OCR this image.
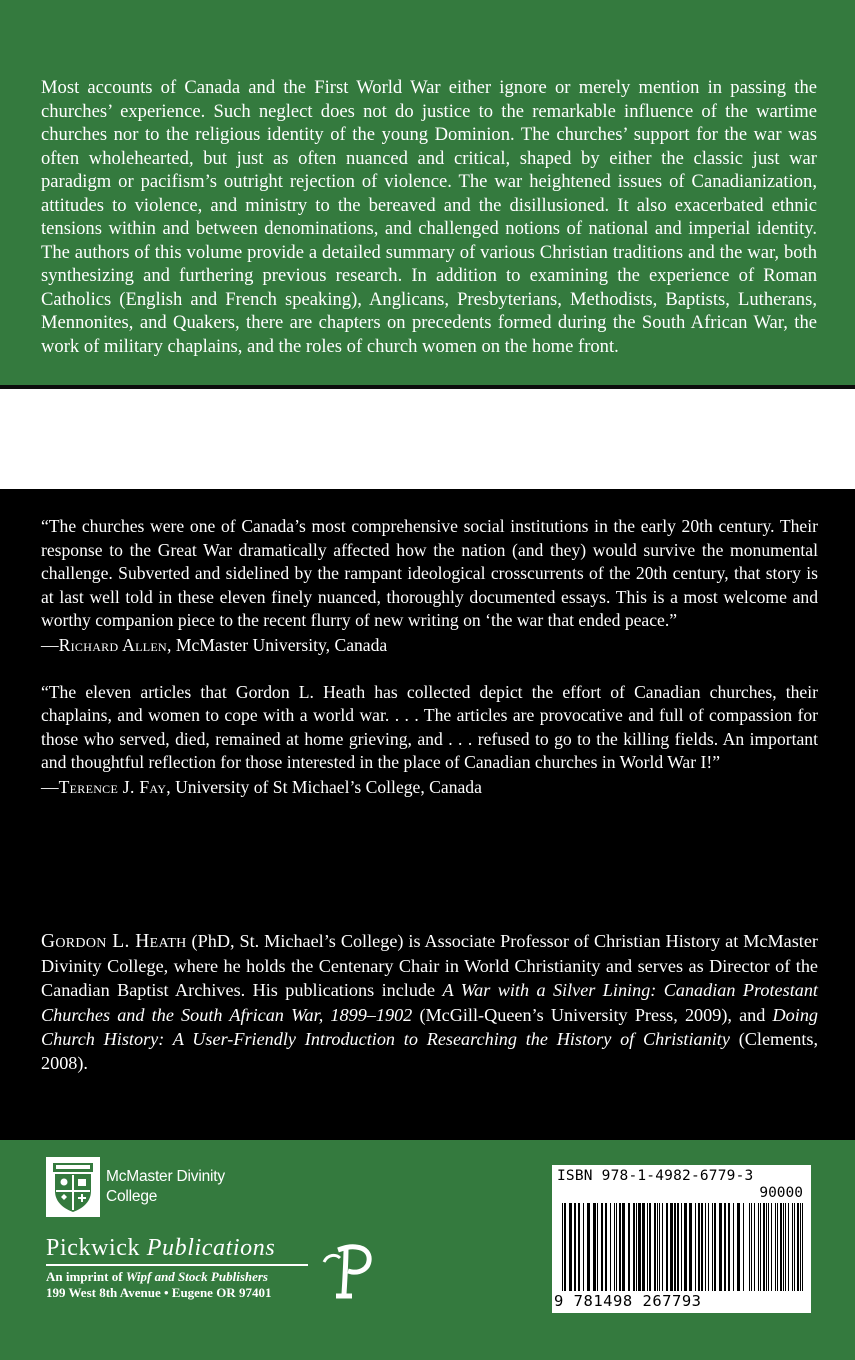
Most accounts of Canada and the First World War either ignore or merely mention in passing the churches’ experience. Such neglect does not do justice to the remarkable influence of the wartime churches nor to the religious identity of the young Dominion. The churches’ support for the war was often wholehearted, but just as often nuanced and critical, shaped by either the classic just war paradigm or pacifism’s outright rejection of violence. The war heightened issues of Canadianization, attitudes to violence, and ministry to the bereaved and the disillusioned. It also exacerbated ethnic tensions within and between denominations, and challenged notions of national and imperial identity. The authors of this volume provide a detailed summary of various Christian traditions and the war, both synthesizing and furthering previous research. In addition to examining the experience of Roman Catholics (English and French speaking), Anglicans, Presbyterians, Methodists, Baptists, Lutherans, Mennonites, and Quakers, there are chapters on precedents formed during the South African War, the work of military chaplains, and the roles of church women on the home front.

“The churches were one of Canada’s most comprehensive social institutions in the early 20th century. Their response to the Great War dramatically affected how the nation (and they) would survive the monumental challenge. Subverted and sidelined by the rampant ideological crosscurrents of the 20th century, that story is at last well told in these eleven finely nuanced, thoroughly documented essays. This is a most welcome and worthy companion piece to the recent flurry of new writing on ‘the war that ended peace.”

—Richard Allen, McMaster University, Canada

“The eleven articles that Gordon L. Heath has collected depict the effort of Canadian churches, their chaplains, and women to cope with a world war. . . . The articles are provocative and full of compassion for those who served, died, remained at home grieving, and . . . refused to go to the killing fields. An important and thoughtful reflection for those interested in the place of Canadian churches in World War I!”

—Terence J. Fay, University of St Michael’s College, Canada

Gordon L. Heath (PhD, St. Michael’s College) is Associate Professor of Christian History at McMaster Divinity College, where he holds the Centenary Chair in World Christianity and serves as Director of the Canadian Baptist Archives. His publications include A War with a Silver Lining: Canadian Protestant Churches and the South African War, 1899–1902 (McGill-Queen’s University Press, 2009), and Doing Church History: A User-Friendly Introduction to Researching the History of Christianity (Clements, 2008).

McMaster Divinity
College
Pickwick Publications
An imprint of Wipf and Stock Publishers
199 West 8th Avenue • Eugene OR 97401
ISBN 978-1-4982-6779-3
90000
9 781498 267793
